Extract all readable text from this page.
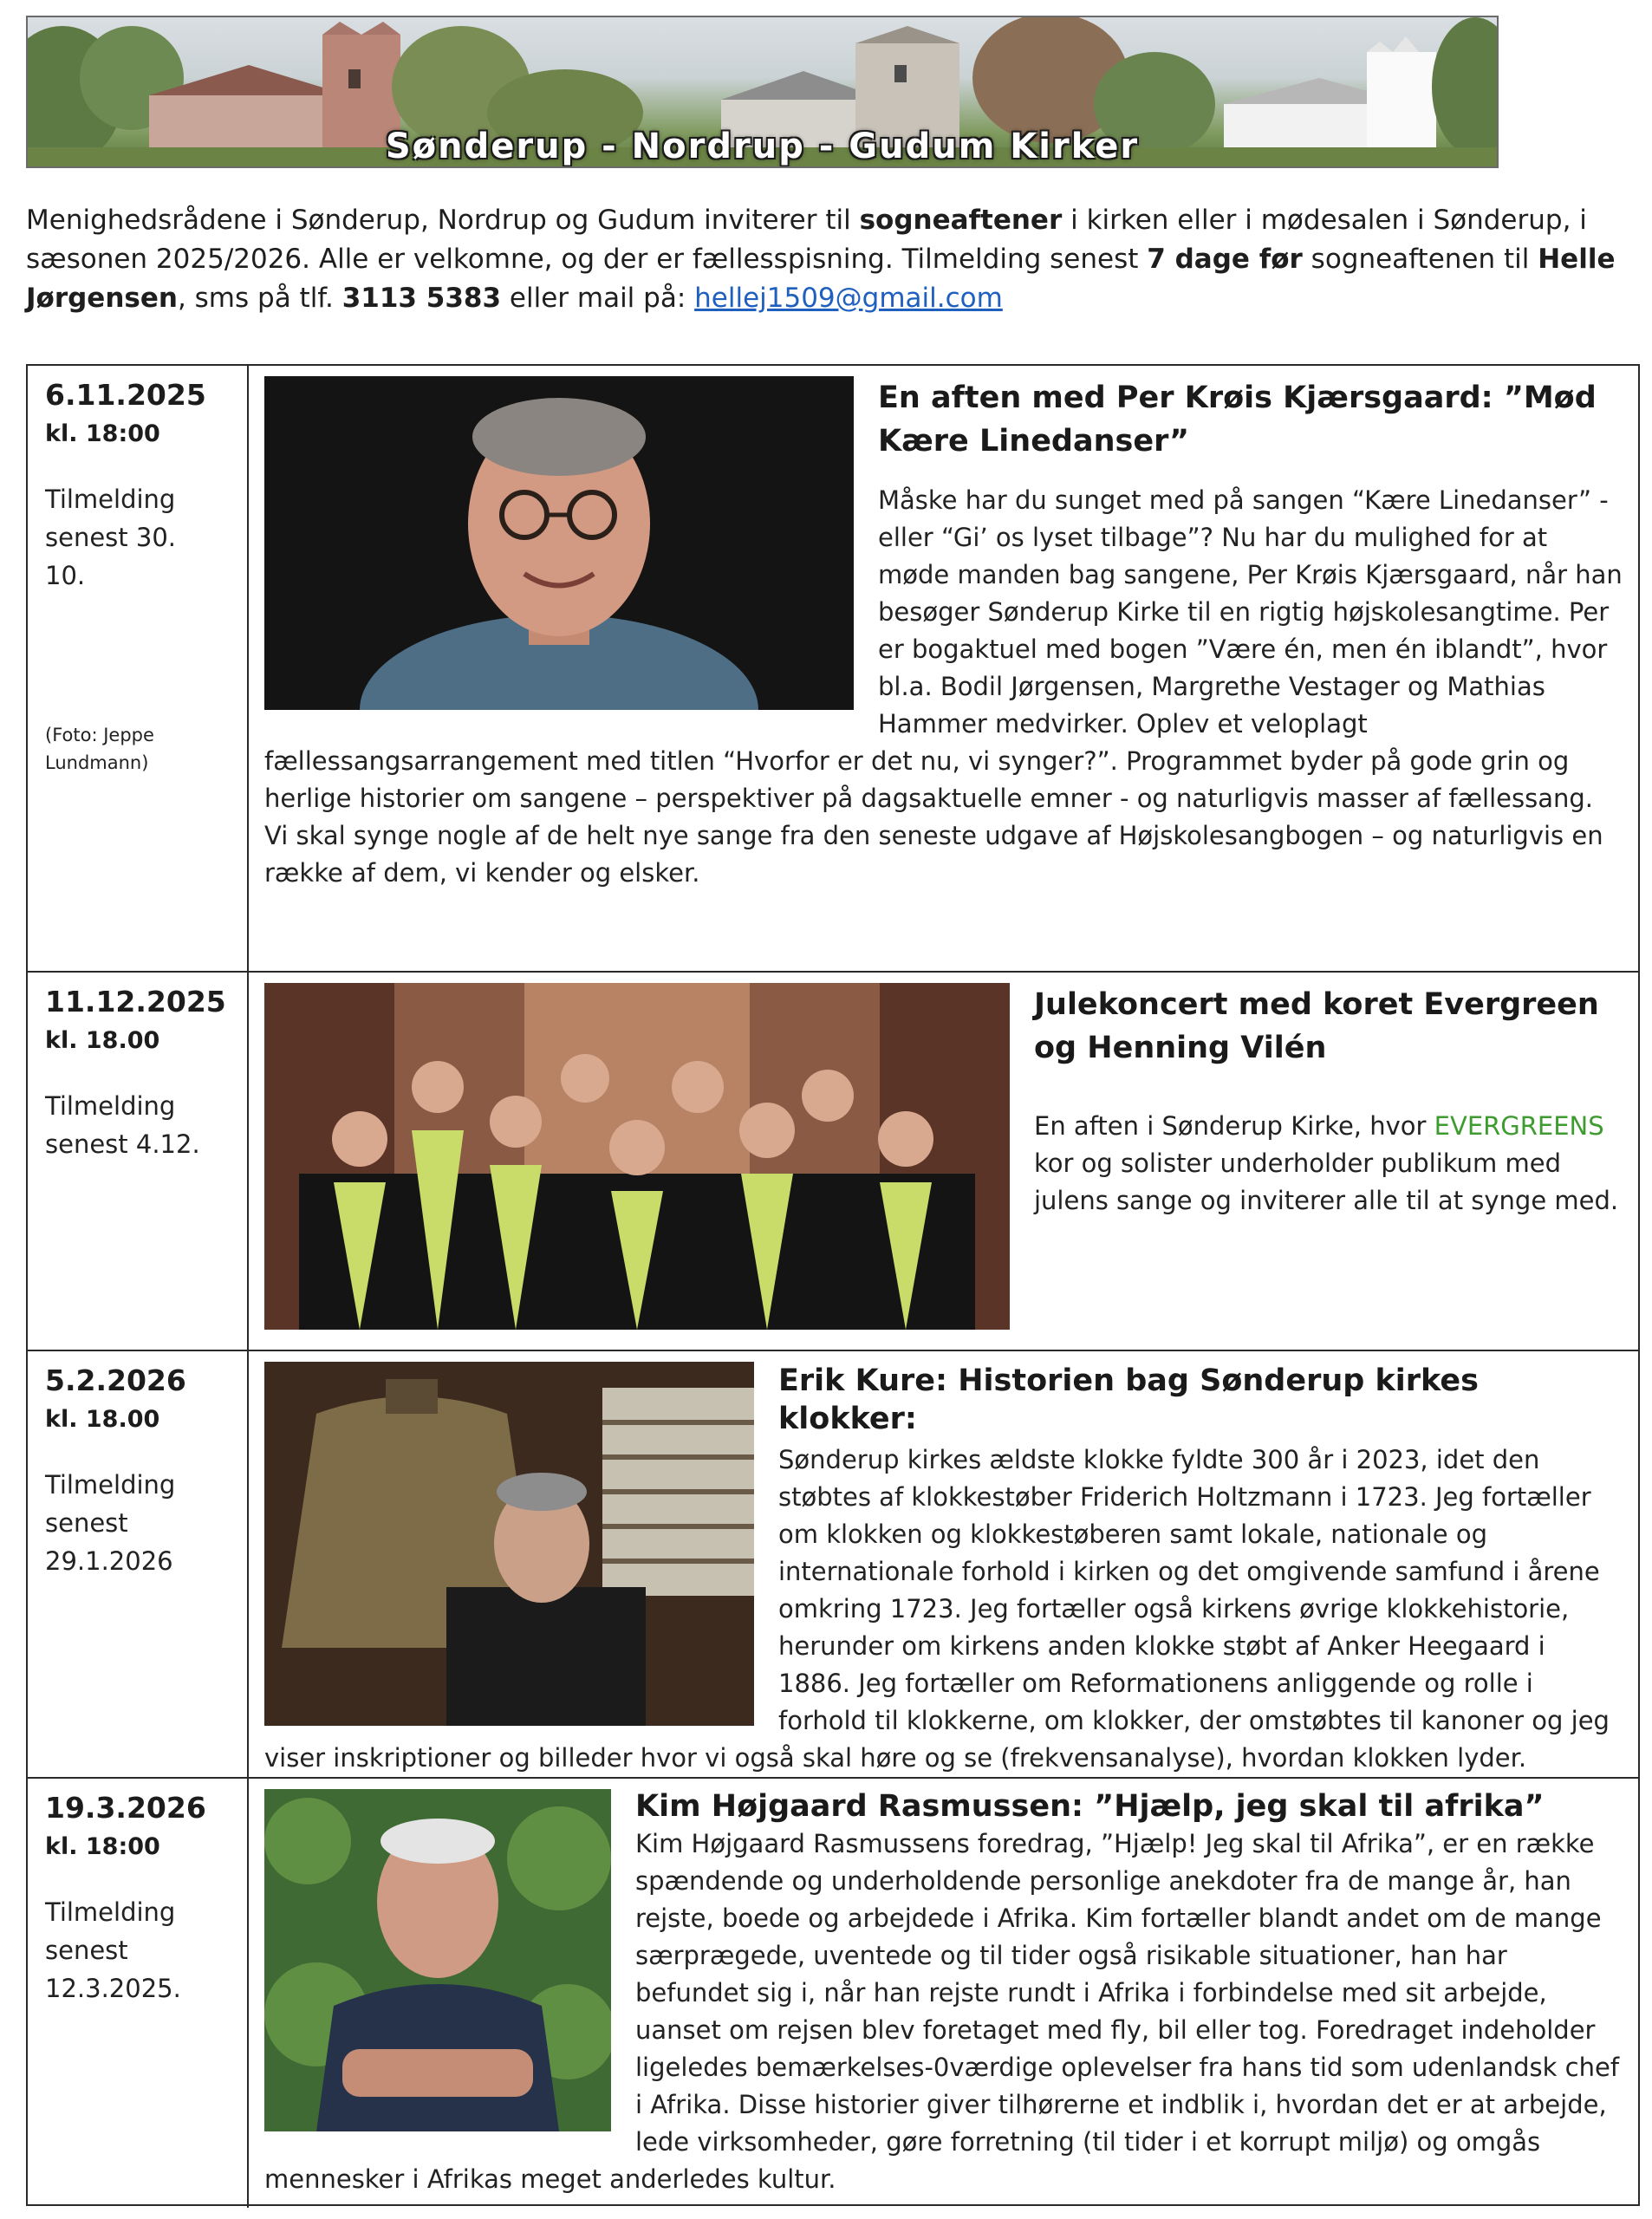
Sønderup - Nordrup - Gudum Kirker
Menighedsrådene i Sønderup, Nordrup og Gudum inviterer til sogneaftener i kirken eller i mødesalen i Sønderup, i sæsonen 2025/2026. Alle er velkomne, og der er fællesspisning. Tilmelding senest 7 dage før sogneaftenen til Helle Jørgensen, sms på tlf. 3113 5383 eller mail på: hellej1509@gmail.com
6.11.2025
kl. 18:00
Tilmelding senest 30. 10.
(Foto: Jeppe Lundmann)

En aften med Per Krøis Kjærsgaard: ”Mød Kære Linedanser”

Måske har du sunget med på sangen “Kære Linedanser” - eller “Gi’ os lyset tilbage”? Nu har du mulighed for at møde manden bag sangene, Per Krøis Kjærsgaard, når han besøger Sønderup Kirke til en rigtig højskolesangtime. Per er bogaktuel med bogen ”Være én, men én iblandt”, hvor bl.a. Bodil Jørgensen, Margrethe Vestager og Mathias Hammer medvirker. Oplev et veloplagt fællessangsarrangement med titlen “Hvorfor er det nu, vi synger?”. Programmet byder på gode grin og herlige historier om sangene – perspektiver på dagsaktuelle emner - og naturligvis masser af fællessang. Vi skal synge nogle af de helt nye sange fra den seneste udgave af Højskolesangbogen – og naturligvis en række af dem, vi kender og elsker.

11.12.2025
kl. 18.00
Tilmelding senest 4.12.

Julekoncert med koret Evergreen og Henning Vilén

En aften i Sønderup Kirke, hvor EVERGREENS kor og solister underholder publikum med julens sange og inviterer alle til at synge med.

5.2.2026
kl. 18.00
Tilmelding senest 29.1.2026

Erik Kure: Historien bag Sønderup kirkes klokker:

Sønderup kirkes ældste klokke fyldte 300 år i 2023, idet den støbtes af klokkestøber Friderich Holtzmann i 1723. Jeg fortæller om klokken og klokkestøberen samt lokale, nationale og internationale forhold i kirken og det omgivende samfund i årene omkring 1723. Jeg fortæller også kirkens øvrige klokkehistorie, herunder om kirkens anden klokke støbt af Anker Heegaard i 1886. Jeg fortæller om Reformationens anliggende og rolle i forhold til klokkerne, om klokker, der omstøbtes til kanoner og jeg viser inskriptioner og billeder hvor vi også skal høre og se (frekvensanalyse), hvordan klokken lyder.

19.3.2026
kl. 18:00
Tilmelding senest 12.3.2025.

Kim Højgaard Rasmussen: ”Hjælp, jeg skal til afrika”

Kim Højgaard Rasmussens foredrag, ”Hjælp! Jeg skal til Afrika”, er en række spændende og underholdende personlige anekdoter fra de mange år, han rejste, boede og arbejdede i Afrika. Kim fortæller blandt andet om de mange særprægede, uventede og til tider også risikable situationer, han har befundet sig i, når han rejste rundt i Afrika i forbindelse med sit arbejde, uanset om rejsen blev foretaget med fly, bil eller tog. Foredraget indeholder ligeledes bemærkelses-0værdige oplevelser fra hans tid som udenlandsk chef i Afrika. Disse historier giver tilhørerne et indblik i, hvordan det er at arbejde, lede virksomheder, gøre forretning (til tider i et korrupt miljø) og omgås mennesker i Afrikas meget anderledes kultur.
